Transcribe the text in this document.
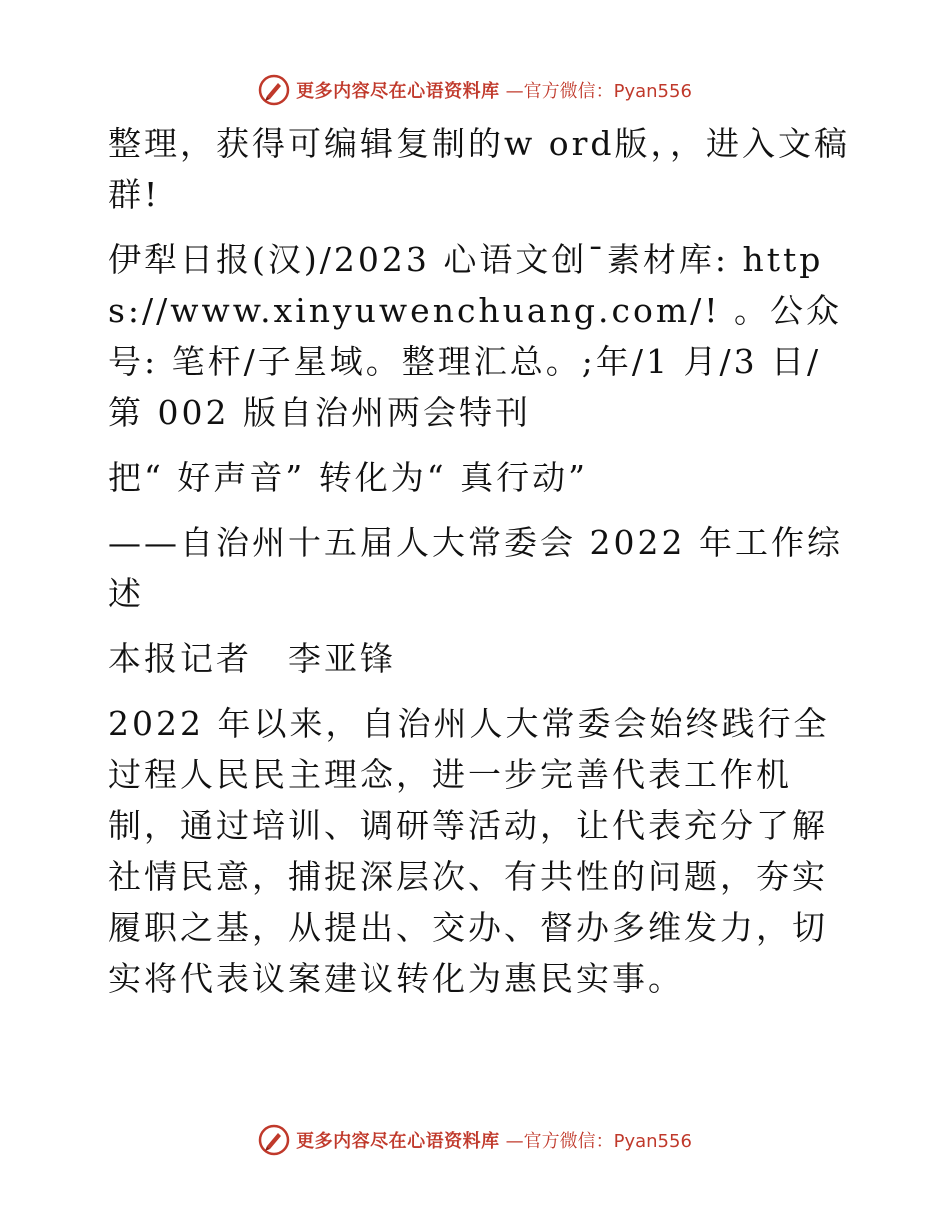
更多内容尽在心语资料库 —官方微信：Pyan556

整理，获得可编辑复制的w ord版，，进入文稿群!

伊犁日报(汉)/2023 心语文创¯素材库: https://www.xinyuwenchuang.com/! 。公众号: 笔杆/子星域。整理汇总。;年/1 月/3 日/第 002 版自治州两会特刊

把“ 好声音” 转化为“ 真行动”

——自治州十五届人大常委会 2022 年工作综述

本报记者　李亚锋

2022 年以来，自治州人大常委会始终践行全过程人民民主理念，进一步完善代表工作机制，通过培训、调研等活动，让代表充分了解社情民意，捕捉深层次、有共性的问题，夯实履职之基，从提出、交办、督办多维发力，切实将代表议案建议转化为惠民实事。

更多内容尽在心语资料库 —官方微信：Pyan556
